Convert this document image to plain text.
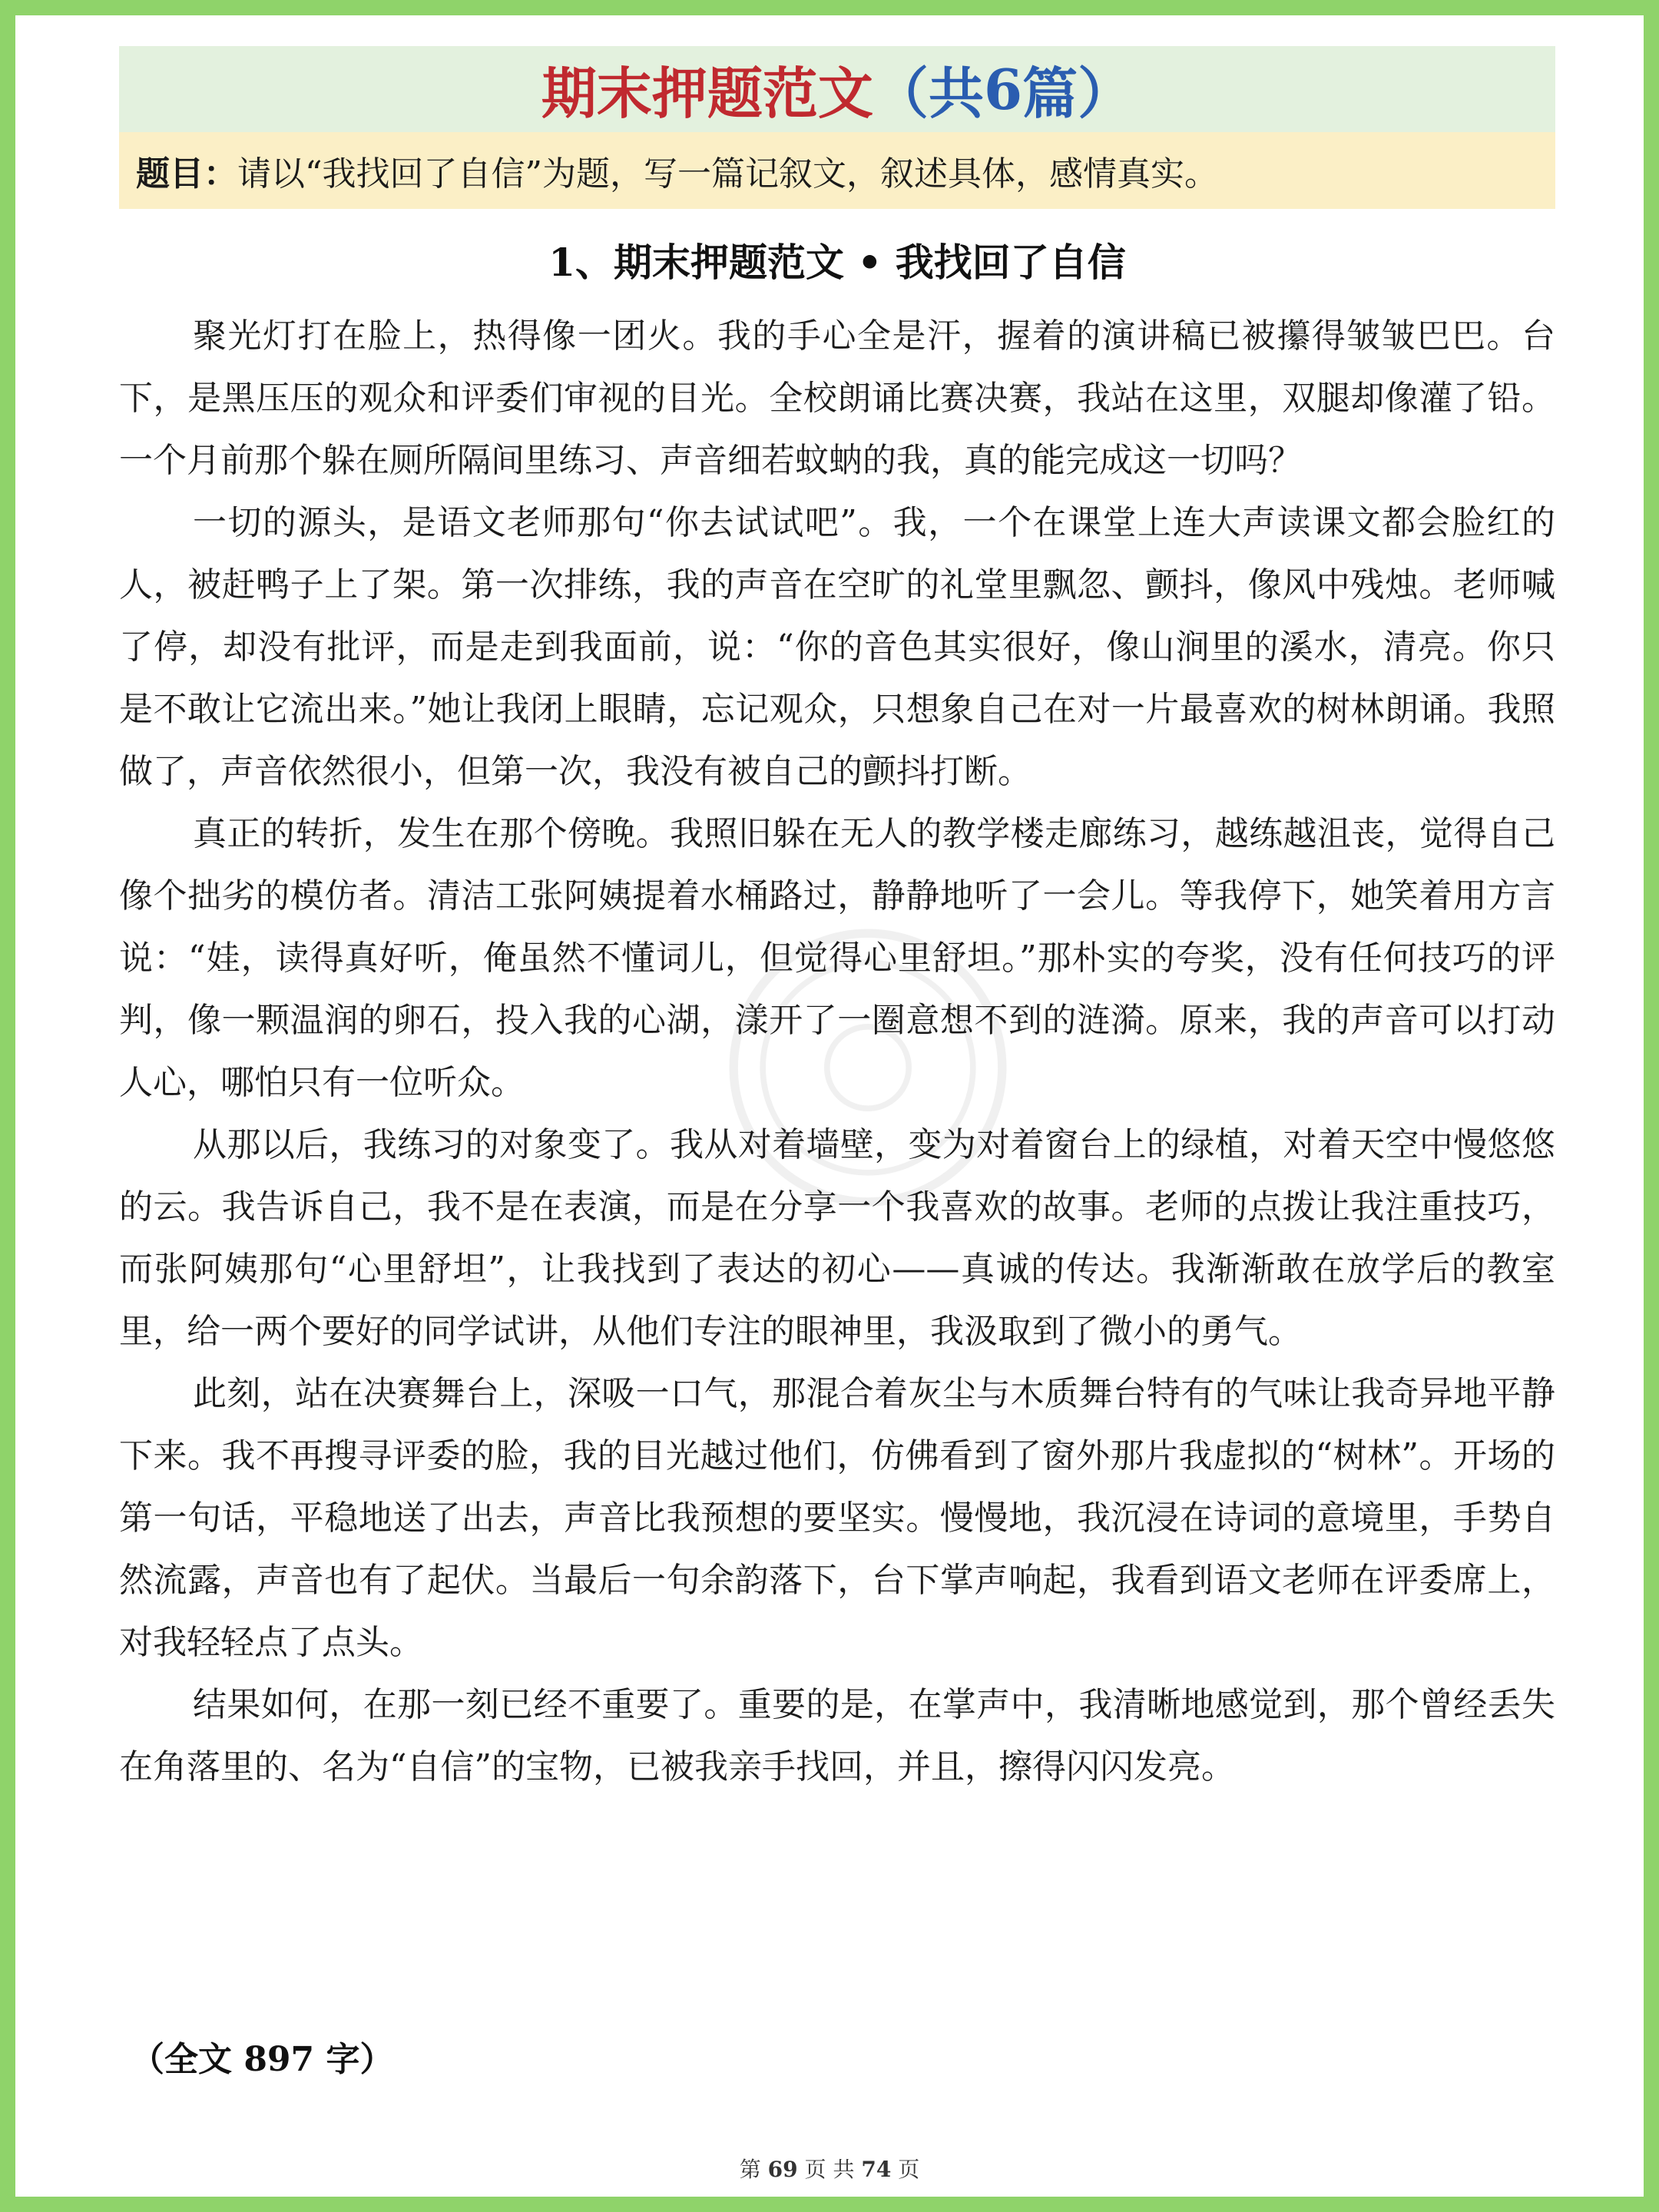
期末押题范文 （共 6 篇）
题目： 请以“我找回了自信”为题，写一篇记叙文，叙述具体，感情真实。
1、期末押题范文 • 我找回了自信

聚光灯打在脸上，热得像一团火。我的手心全是汗，握着的演讲稿已被攥得皱皱巴巴。台下，是黑压压的观众和评委们审视的目光。全校朗诵比赛决赛，我站在这里，双腿却像灌了铅。一个月前那个躲在厕所隔间里练习、声音细若蚊蚋的我，真的能完成这一切吗？

一切的源头，是语文老师那句“你去试试吧”。我，一个在课堂上连大声读课文都会脸红的人，被赶鸭子上了架。第一次排练，我的声音在空旷的礼堂里飘忽、颤抖，像风中残烛。老师喊了停，却没有批评，而是走到我面前，说：“你的音色其实很好，像山涧里的溪水，清亮。你只是不敢让它流出来。”她让我闭上眼睛，忘记观众，只想象自己在对一片最喜欢的树林朗诵。我照做了，声音依然很小，但第一次，我没有被自己的颤抖打断。

真正的转折，发生在那个傍晚。我照旧躲在无人的教学楼走廊练习，越练越沮丧，觉得自己像个拙劣的模仿者。清洁工张阿姨提着水桶路过，静静地听了一会儿。等我停下，她笑着用方言说：“娃，读得真好听，俺虽然不懂词儿，但觉得心里舒坦。”那朴实的夸奖，没有任何技巧的评判，像一颗温润的卵石，投入我的心湖，漾开了一圈意想不到的涟漪。原来，我的声音可以打动人心，哪怕只有一位听众。

从那以后，我练习的对象变了。我从对着墙壁，变为对着窗台上的绿植，对着天空中慢悠悠的云。我告诉自己，我不是在表演，而是在分享一个我喜欢的故事。老师的点拨让我注重技巧，而张阿姨那句“心里舒坦”，让我找到了表达的初心——真诚的传达。我渐渐敢在放学后的教室里，给一两个要好的同学试讲，从他们专注的眼神里，我汲取到了微小的勇气。

此刻，站在决赛舞台上，深吸一口气，那混合着灰尘与木质舞台特有的气味让我奇异地平静下来。我不再搜寻评委的脸，我的目光越过他们，仿佛看到了窗外那片我虚拟的“树林”。开场的第一句话，平稳地送了出去，声音比我预想的要坚实。慢慢地，我沉浸在诗词的意境里，手势自然流露，声音也有了起伏。当最后一句余韵落下，台下掌声响起，我看到语文老师在评委席上，对我轻轻点了点头。

结果如何，在那一刻已经不重要了。重要的是，在掌声中，我清晰地感觉到，那个曾经丢失在角落里的、名为“自信”的宝物，已被我亲手找回，并且，擦得闪闪发亮。

（全文 897 字）
第 69 页 共 74 页
